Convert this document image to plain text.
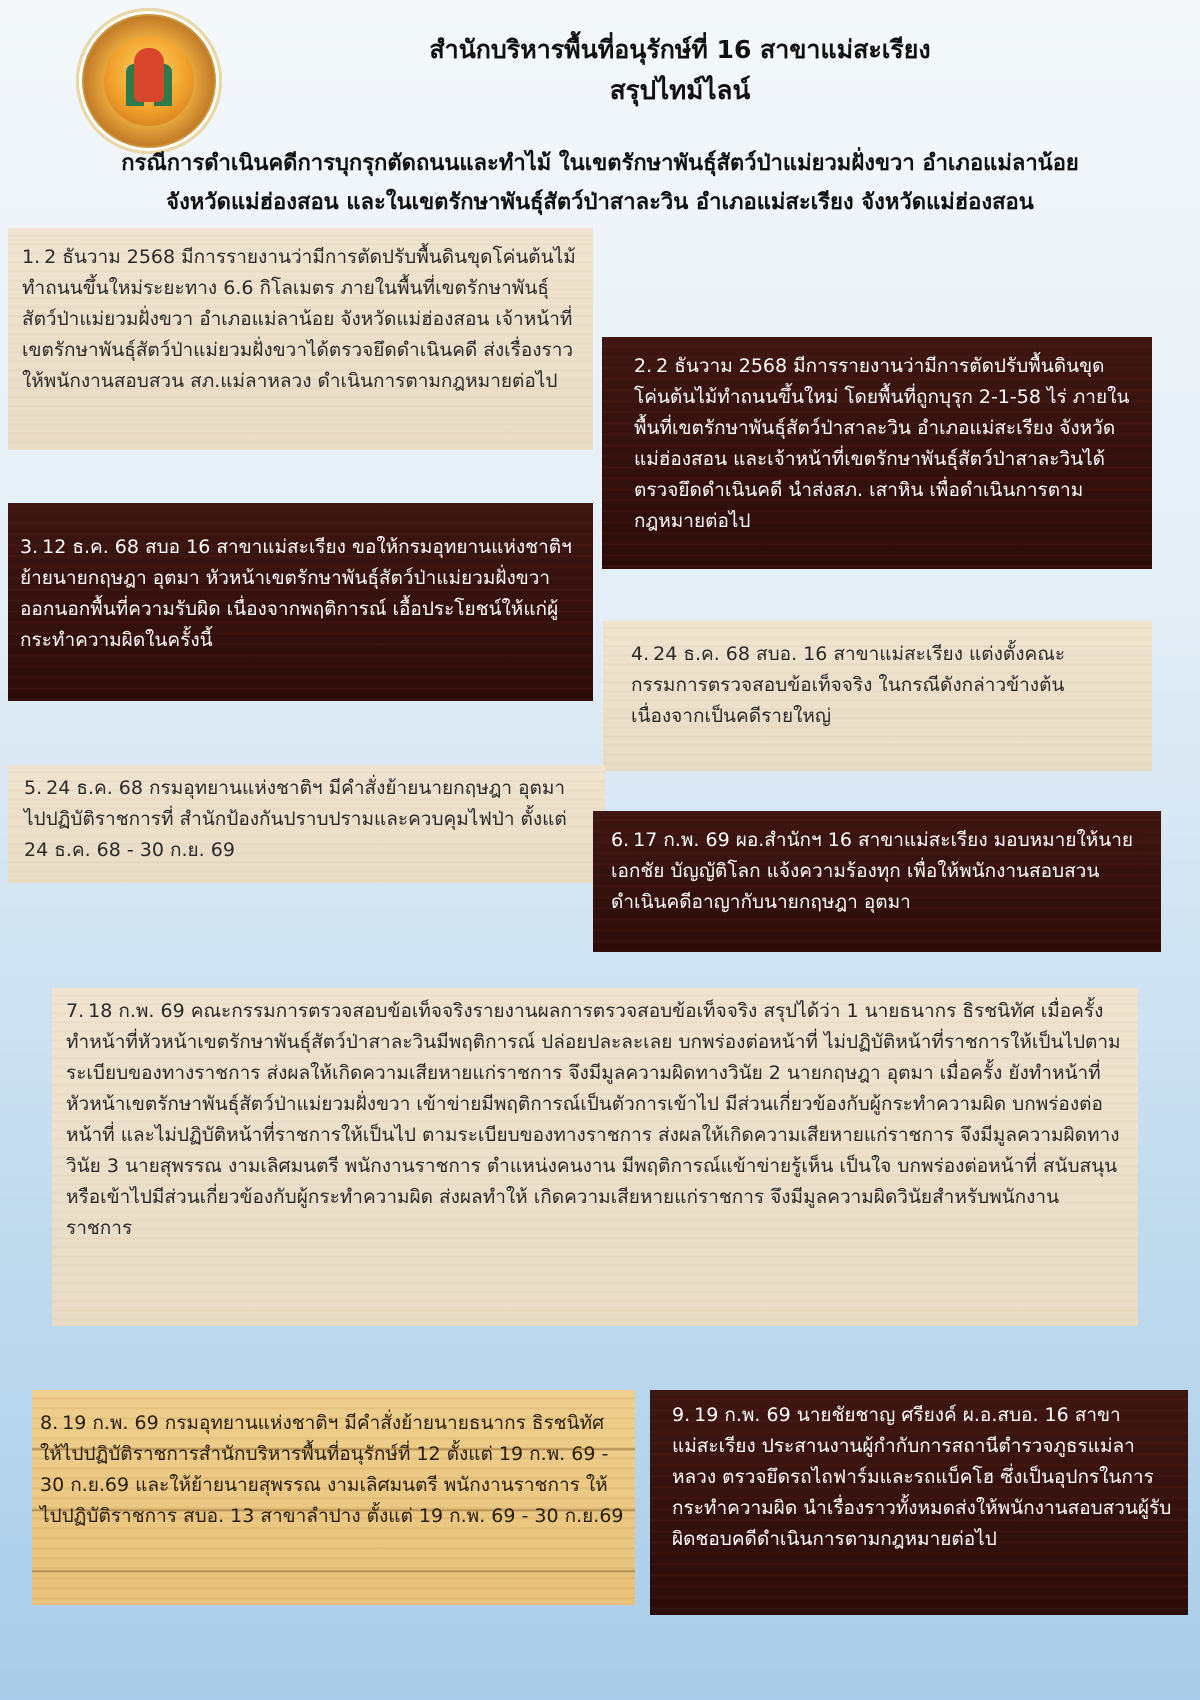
สำนักบริหารพื้นที่อนุรักษ์ที่ 16 สาขาแม่สะเรียง
สรุปไทม์ไลน์
กรณีการดำเนินคดีการบุกรุกตัดถนนและทำไม้ ในเขตรักษาพันธุ์สัตว์ป่าแม่ยวมฝั่งขวา อำเภอแม่ลาน้อย
จังหวัดแม่ฮ่องสอน และในเขตรักษาพันธุ์สัตว์ป่าสาละวิน อำเภอแม่สะเรียง จังหวัดแม่ฮ่องสอน
1. 2 ธันวาม 2568 มีการรายงานว่ามีการตัดปรับพื้นดินขุดโค่นต้นไม้ทำถนนขึ้นใหม่ระยะทาง 6.6 กิโลเมตร ภายในพื้นที่เขตรักษาพันธุ์สัตว์ป่าแม่ยวมฝั่งขวา อำเภอแม่ลาน้อย จังหวัดแม่ฮ่องสอน เจ้าหน้าที่เขตรักษาพันธุ์สัตว์ป่าแม่ยวมฝั่งขวาได้ตรวจยึดดำเนินคดี ส่งเรื่องราวให้พนักงานสอบสวน สภ.แม่ลาหลวง ดำเนินการตามกฎหมายต่อไป
2. 2 ธันวาม 2568 มีการรายงานว่ามีการตัดปรับพื้นดินขุดโค่นต้นไม้ทำถนนขึ้นใหม่ โดยพื้นที่ถูกบุรุก 2-1-58 ไร่ ภายในพื้นที่เขตรักษาพันธุ์สัตว์ป่าสาละวิน อำเภอแม่สะเรียง จังหวัดแม่ฮ่องสอน และเจ้าหน้าที่เขตรักษาพันธุ์สัตว์ป่าสาละวินได้ตรวจยึดดำเนินคดี นำส่งสภ. เสาหิน เพื่อดำเนินการตามกฎหมายต่อไป
3. 12 ธ.ค. 68 สบอ 16 สาขาแม่สะเรียง ขอให้กรมอุทยานแห่งชาติฯ ย้ายนายกฤษฎา อุตมา หัวหน้าเขตรักษาพันธุ์สัตว์ป่าแม่ยวมฝั่งขวา ออกนอกพื้นที่ความรับผิด เนื่องจากพฤติการณ์ เอื้อประโยชน์ให้แก่ผู้กระทำความผิดในครั้งนี้
4. 24 ธ.ค. 68 สบอ. 16 สาขาแม่สะเรียง แต่งตั้งคณะกรรมการตรวจสอบข้อเท็จจริง ในกรณีดังกล่าวข้างต้น เนื่องจากเป็นคดีรายใหญ่
5. 24 ธ.ค. 68 กรมอุทยานแห่งชาติฯ มีคำสั่งย้ายนายกฤษฎา อุตมา ไปปฏิบัติราชการที่ สำนักป้องกันปราบปรามและควบคุมไฟป่า ตั้งแต่ 24 ธ.ค. 68 - 30 ก.ย. 69	6. 17 ก.พ. 69 ผอ.สำนักฯ 16 สาขาแม่สะเรียง มอบหมายให้นายเอกชัย บัญญัติโลก แจ้งความร้องทุก เพื่อให้พนักงานสอบสวนดำเนินคดีอาญากับนายกฤษฎา อุตมา
7. 18 ก.พ. 69 คณะกรรมการตรวจสอบข้อเท็จจริงรายงานผลการตรวจสอบข้อเท็จจริง สรุปได้ว่า 1 นายธนากร ธิรชนิทัศ เมื่อครั้งทำหน้าที่หัวหน้าเขตรักษาพันธุ์สัตว์ป่าสาละวินมีพฤติการณ์ ปล่อยปละละเลย บกพร่องต่อหน้าที่ ไม่ปฏิบัติหน้าที่ราชการให้เป็นไปตามระเบียบของทางราชการ ส่งผลให้เกิดความเสียหายแก่ราชการ จึงมีมูลความผิดทางวินัย 2 นายกฤษฎา อุตมา เมื่อครั้ง ยังทำหน้าที่หัวหน้าเขตรักษาพันธุ์สัตว์ป่าแม่ยวมฝั่งขวา เข้าข่ายมีพฤติการณ์เป็นตัวการเข้าไป มีส่วนเกี่ยวข้องกับผู้กระทำความผิด บกพร่องต่อหน้าที่ และไม่ปฏิบัติหน้าที่ราชการให้เป็นไป ตามระเบียบของทางราชการ ส่งผลให้เกิดความเสียหายแก่ราชการ จึงมีมูลความผิดทางวินัย 3 นายสุพรรณ งามเลิศมนตรี พนักงานราชการ ตำแหน่งคนงาน มีพฤติการณ์แข้าข่ายรู้เห็น เป็นใจ บกพร่องต่อหน้าที่ สนับสนุนหรือเข้าไปมีส่วนเกี่ยวข้องกับผู้กระทำความผิด ส่งผลทำให้ เกิดความเสียหายแก่ราชการ จึงมีมูลความผิดวินัยสำหรับพนักงานราชการ
8. 19 ก.พ. 69 กรมอุทยานแห่งชาติฯ มีคำสั่งย้ายนายธนากร ธิรชนิทัศ ให้ไปปฏิบัติราชการสำนักบริหารพื้นที่อนุรักษ์ที่ 12 ตั้งแต่ 19 ก.พ. 69 - 30 ก.ย.69 และให้ย้ายนายสุพรรณ งามเลิศมนตรี พนักงานราชการ ให้ไปปฏิบัติราชการ สบอ. 13 สาขาลำปาง ตั้งแต่ 19 ก.พ. 69 - 30 ก.ย.69
9. 19 ก.พ. 69 นายชัยชาญ ศรียงค์ ผ.อ.สบอ. 16 สาขาแม่สะเรียง ประสานงานผู้กำกับการสถานีตำรวจภูธรแม่ลาหลวง ตรวจยึดรถไถฟาร์มและรถแบ็คโฮ ซึ่งเป็นอุปกรในการ กระทำความผิด นำเรื่องราวทั้งหมดส่งให้พนักงานสอบสวนผู้รับผิดชอบคดีดำเนินการตามกฎหมายต่อไป
